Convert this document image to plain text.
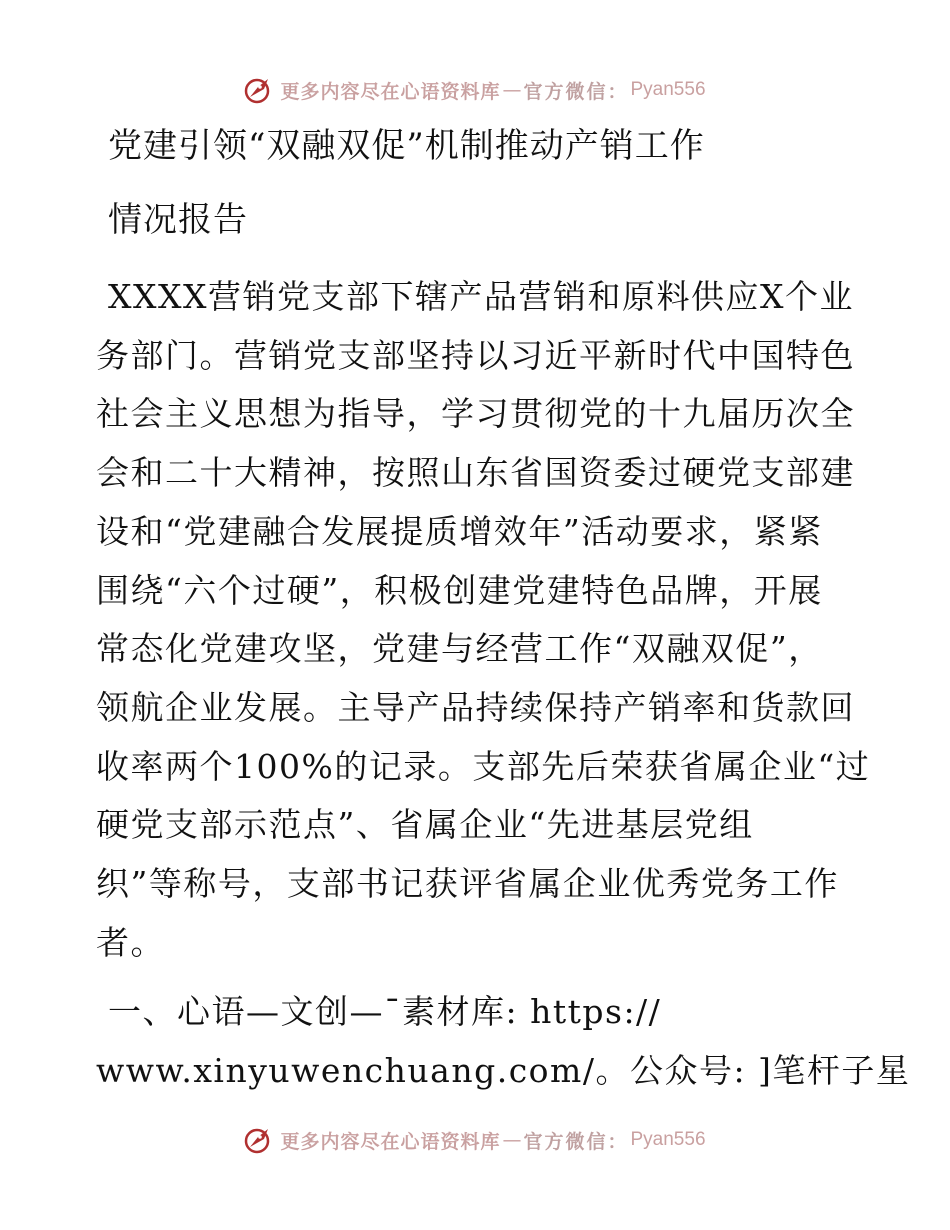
更多内容尽在心语资料库 — 官方微信： Pyan556
党建引领“双融双促”机制推动产销工作
情况报告

XXXX营销党支部下辖产品营销和原料供应X个业
务部门。营销党支部坚持以习近平新时代中国特色
社会主义思想为指导，学习贯彻党的十九届历次全
会和二十大精神，按照山东省国资委过硬党支部建
设和“党建融合发展提质增效年”活动要求，紧紧
围绕“六个过硬”，积极创建党建特色品牌，开展
常态化党建攻坚，党建与经营工作“双融双促”，
领航企业发展。主导产品持续保持产销率和货款回
收率两个100%的记录。支部先后荣获省属企业“过
硬党支部示范点”、省属企业“先进基层党组
织”等称号，支部书记获评省属企业优秀党务工作
者。

一、心语—文创—¯素材库: https://
www.xinyuwenchuang.com/。公众号: ]笔杆子星

更多内容尽在心语资料库 — 官方微信： Pyan556
